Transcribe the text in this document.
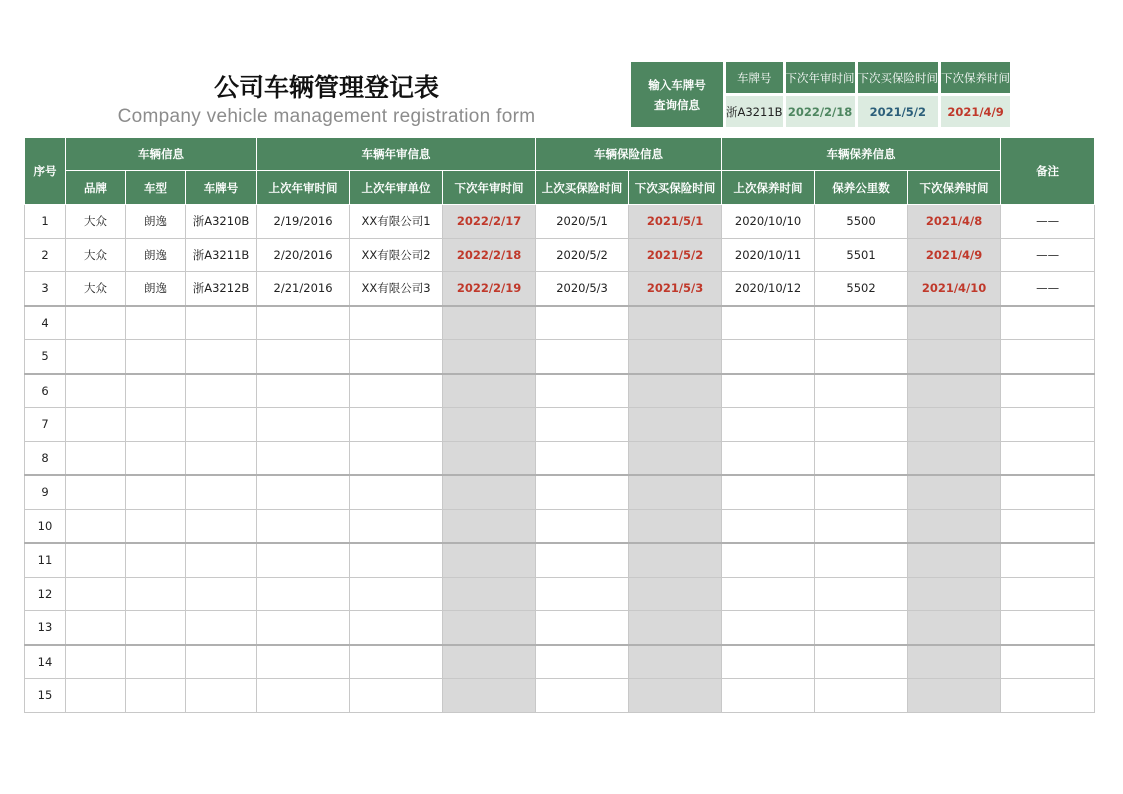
公司车辆管理登记表
Company vehicle management registration form
输入车牌号
查询信息	车牌号	下次年审时间	下次买保险时间	下次保养时间

	浙A3211B	2022/2/18	2021/5/2	2021/4/9
序号	车辆信息			车辆年审信息			车辆保险信息		车辆保养信息			备注
	品牌	车型	车牌号	上次年审时间	上次年审单位	下次年审时间	上次买保险时间	下次买保险时间	上次保养时间	保养公里数	下次保养时间	
1	大众	朗逸	浙A3210B	2/19/2016	XX有限公司1	2022/2/17	2020/5/1	2021/5/1	2020/10/10	5500	2021/4/8	——
2	大众	朗逸	浙A3211B	2/20/2016	XX有限公司2	2022/2/18	2020/5/2	2021/5/2	2020/10/11	5501	2021/4/9	——
3	大众	朗逸	浙A3212B	2/21/2016	XX有限公司3	2022/2/19	2020/5/3	2021/5/3	2020/10/12	5502	2021/4/10	——
4												
5												
6												
7												
8												
9												
10												
11												
12												
13												
14												
15												
